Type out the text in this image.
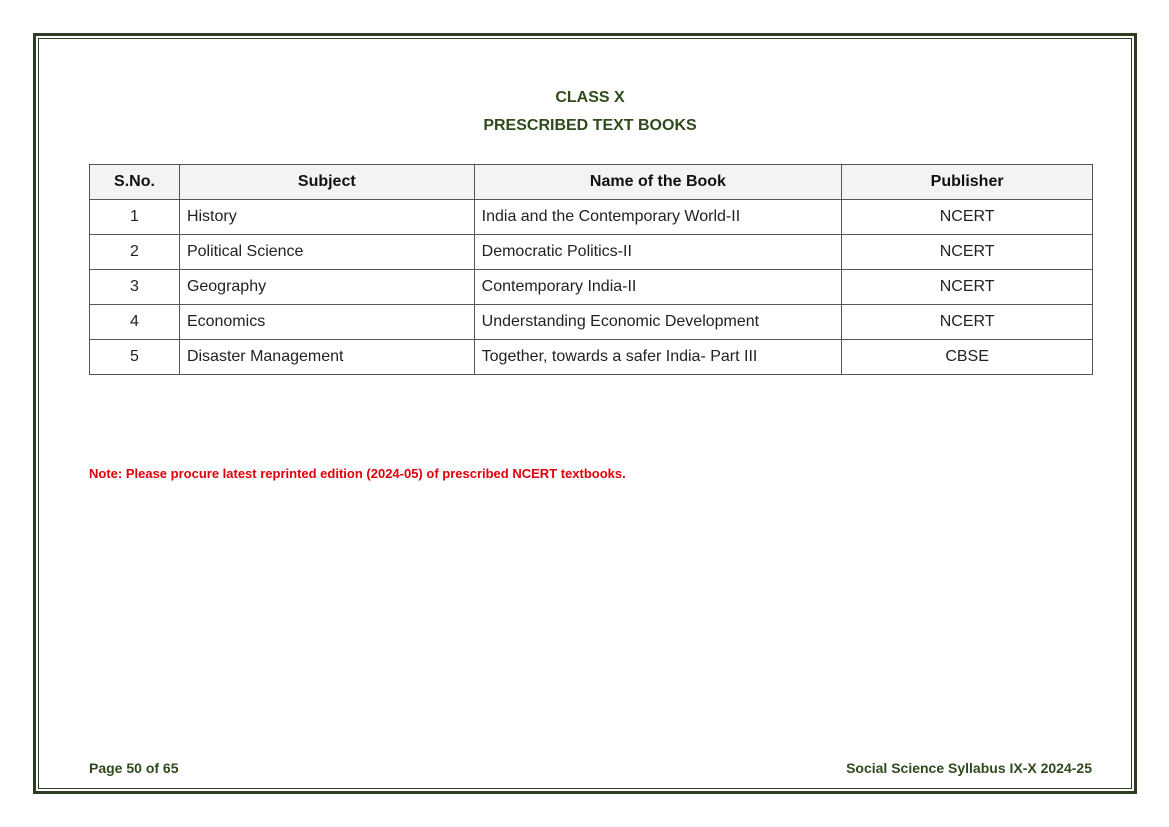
CLASS X

PRESCRIBED TEXT BOOKS

S.No.	Subject	Name of the Book	Publisher
1	History	India and the Contemporary World-II	NCERT
2	Political Science	Democratic Politics-II	NCERT
3	Geography	Contemporary India-II	NCERT
4	Economics	Understanding Economic Development	NCERT
5	Disaster Management	Together, towards a safer India- Part III	CBSE

Note: Please procure latest reprinted edition (2024-05) of prescribed NCERT textbooks.

Page 50 of 65	Social Science Syllabus IX-X 2024-25
